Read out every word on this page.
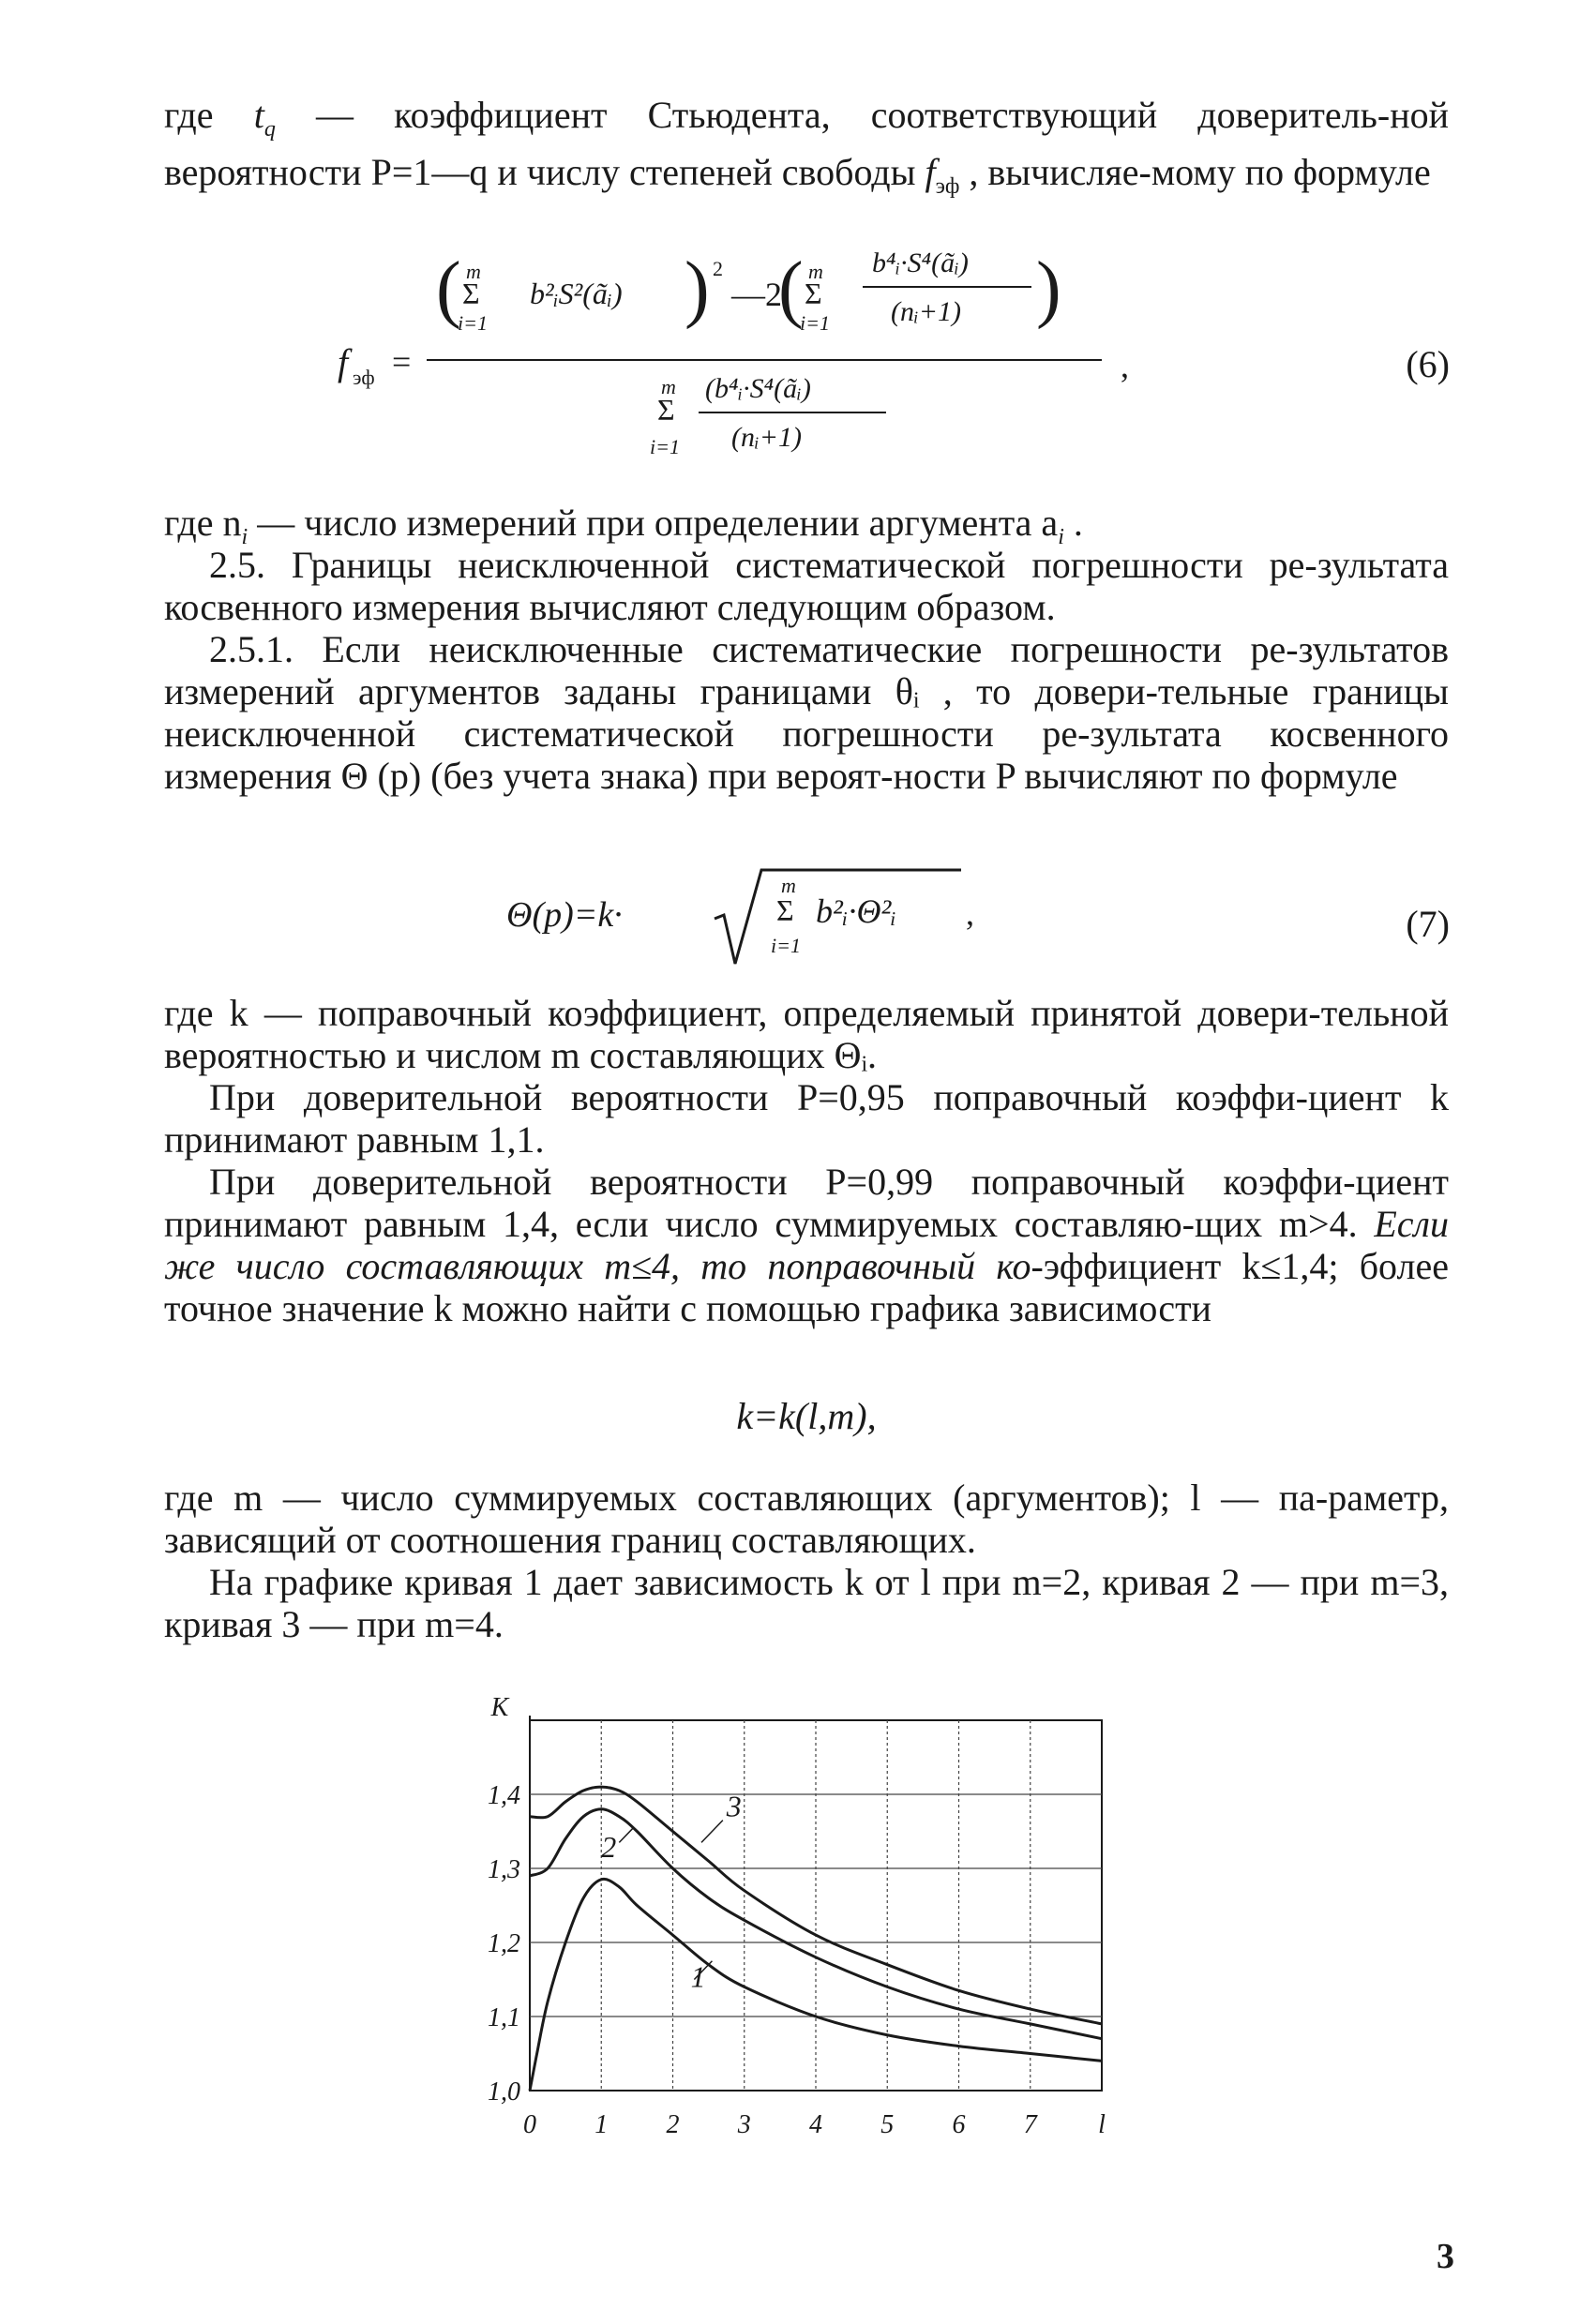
где $t_q$ — коэффициент Стьюдента, соответствующий доверитель-ной вероятности P=1—q и числу степеней свободы $f_{эф}$ , вычисляе-мому по формуле
f эф =
( m
Σ
i=1
b²ᵢS²(ãᵢ) ) 2
—2
( m
Σ
i=1
b⁴ᵢ·S⁴(ãᵢ)
(nᵢ+1) )
,
m
Σ
i=1
(b⁴ᵢ·S⁴(ãᵢ)
(nᵢ+1)
(6)
где $n_i$ — число измерений при определении аргумента $a_i$ .
2.5. Границы неисключенной систематической погрешности ре-зультата косвенного измерения вычисляют следующим образом.
2.5.1. Если неисключенные систематические погрешности ре-зультатов измерений аргументов заданы границами θᵢ , то довери-тельные границы неисключенной систематической погрешности ре-зультата косвенного измерения Θ (p) (без учета знака) при вероят-ности P вычисляют по формуле
Θ(p)=k·
m
Σ
i=1
b²ᵢ·Θ²ᵢ ,	(7)
где k — поправочный коэффициент, определяемый принятой довери-тельной вероятностью и числом m составляющих Θᵢ.
При доверительной вероятности P=0,95 поправочный коэффи-циент k принимают равным 1,1.
При доверительной вероятности P=0,99 поправочный коэффи-циент принимают равным 1,4, если число суммируемых составляю-щих m>4. Если же число составляющих m≤4, то поправочный ко-эффициент k≤1,4; более точное значение k можно найти с помощью графика зависимости
k=k(l,m),
где m — число суммируемых составляющих (аргументов); l — па-раметр, зависящий от соотношения границ составляющих.
На графике кривая 1 дает зависимость k от l при m=2, кривая 2 — при m=3, кривая 3 — при m=4.
0 1 2 3 4 5 6 7 l
1,0
1,1
1,2
1,3
1,4
K
1
2
3
3
